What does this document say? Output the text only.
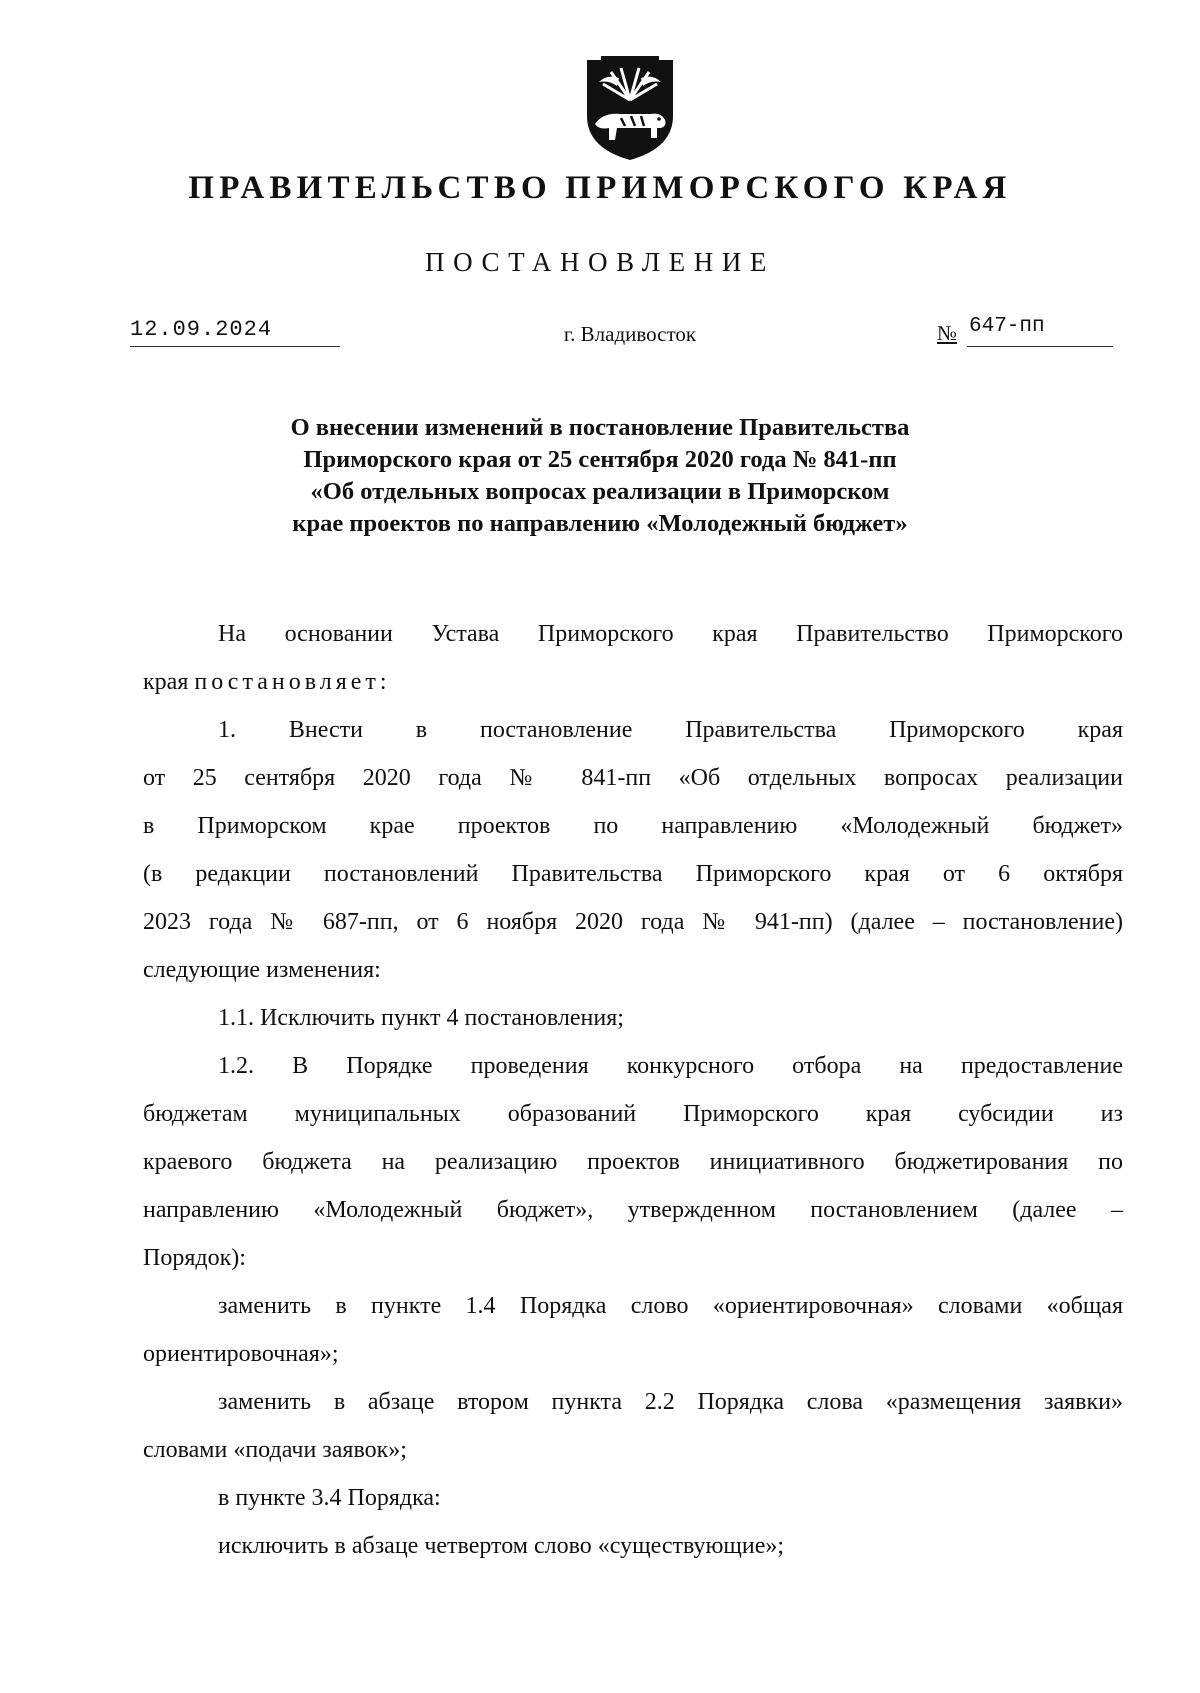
ПРАВИТЕЛЬСТВО ПРИМОРСКОГО КРАЯ
ПОСТАНОВЛЕНИЕ
12.09.2024	г. Владивосток	№ 647-пп
О внесении изменений в постановление Правительства
Приморского края от 25 сентября 2020 года № 841-пп
«Об отдельных вопросах реализации в Приморском
крае проектов по направлению «Молодежный бюджет»
На основании Устава Приморского края Правительство Приморского
края постановляет:
1. Внести в постановление Правительства Приморского края
от 25 сентября 2020 года № 841-пп «Об отдельных вопросах реализации
в Приморском крае проектов по направлению «Молодежный бюджет»
(в редакции постановлений Правительства Приморского края от 6 октября
2023 года № 687-пп, от 6 ноября 2020 года № 941-пп) (далее – постановление)
следующие изменения:
1.1. Исключить пункт 4 постановления;
1.2. В Порядке проведения конкурсного отбора на предоставление
бюджетам муниципальных образований Приморского края субсидии из
краевого бюджета на реализацию проектов инициативного бюджетирования по
направлению «Молодежный бюджет», утвержденном постановлением (далее –
Порядок):
заменить в пункте 1.4 Порядка слово «ориентировочная» словами «общая
ориентировочная»;
заменить в абзаце втором пункта 2.2 Порядка слова «размещения заявки»
словами «подачи заявок»;
в пункте 3.4 Порядка:
исключить в абзаце четвертом слово «существующие»;
